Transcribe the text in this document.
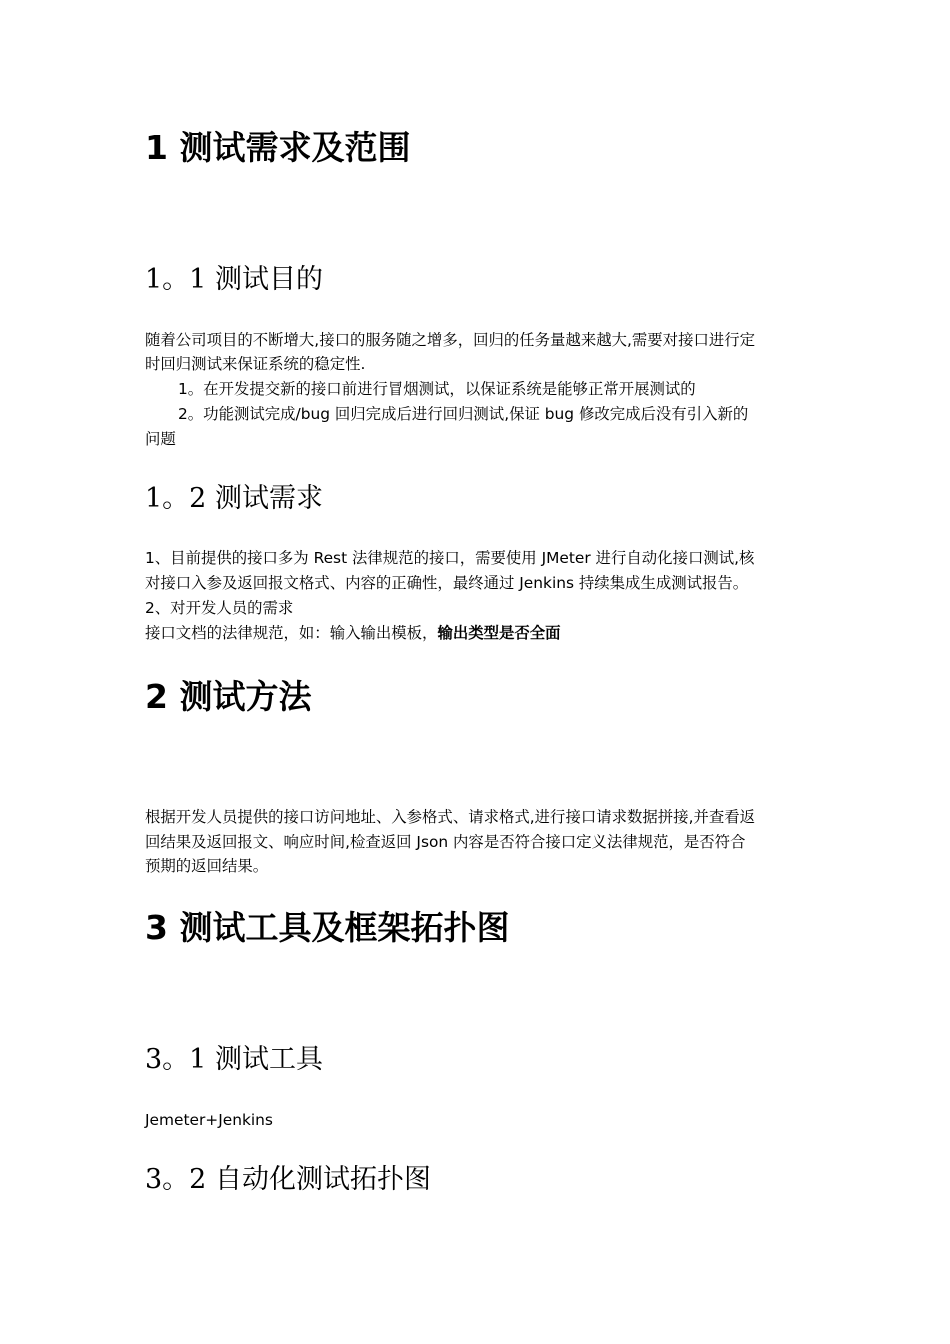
1 测试需求及范围
1。1 测试目的

随着公司项目的不断增大,接口的服务随之增多，回归的任务量越来越大,需要对接口进行定

时回归测试来保证系统的稳定性.

1。在开发提交新的接口前进行冒烟测试，以保证系统是能够正常开展测试的

2。功能测试完成/bug 回归完成后进行回归测试,保证 bug 修改完成后没有引入新的

问题

1。2 测试需求

1、目前提供的接口多为 Rest 法律规范的接口，需要使用 JMeter 进行自动化接口测试,核

对接口入参及返回报文格式、内容的正确性，最终通过 Jenkins 持续集成生成测试报告。

2、对开发人员的需求

接口文档的法律规范，如：输入输出模板，输出类型是否全面

2 测试方法

根据开发人员提供的接口访问地址、入参格式、请求格式,进行接口请求数据拼接,并查看返

回结果及返回报文、响应时间,检查返回 Json 内容是否符合接口定义法律规范，是否符合

预期的返回结果。

3 测试工具及框架拓扑图
3。1 测试工具

Jemeter+Jenkins

3。2 自动化测试拓扑图
